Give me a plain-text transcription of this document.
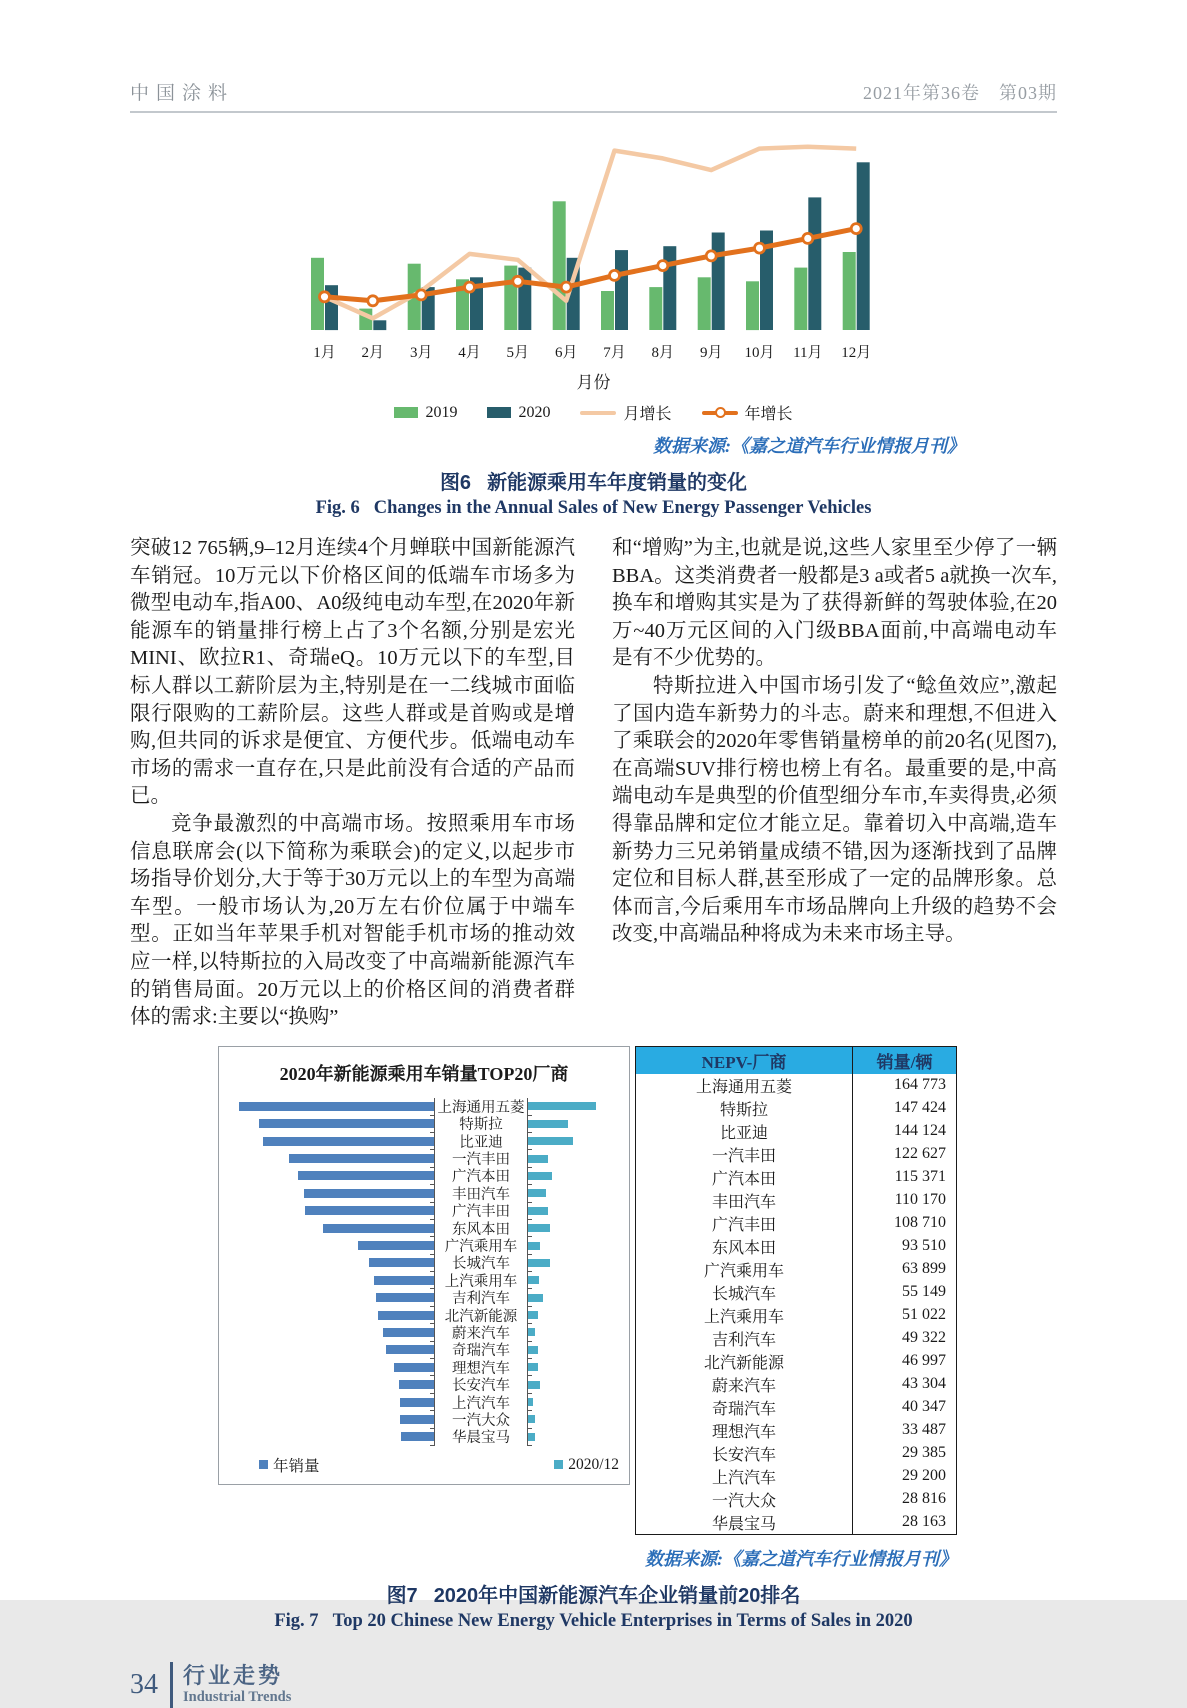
中国涂料	2021年第36卷　第03期
1月 2月 3月 4月 5月 6月 7月 8月 9月 10月 11月 12月
月份
2019	2020	月增长	年增长
数据来源:《嘉之道汽车行业情报月刊》
图6 新能源乘用车年度销量的变化
Fig. 6 Changes in the Annual Sales of New Energy Passenger Vehicles

突破12 765辆,9–12月连续4个月蝉联中国新能源汽车销冠。10万元以下价格区间的低端车市场多为微型电动车,指A00、A0级纯电动车型,在2020年新能源车的销量排行榜上占了3个名额,分别是宏光MINI、欧拉R1、奇瑞eQ。10万元以下的车型,目标人群以工薪阶层为主,特别是在一二线城市面临限行限购的工薪阶层。这些人群或是首购或是增购,但共同的诉求是便宜、方便代步。低端电动车市场的需求一直存在,只是此前没有合适的产品而已。

竞争最激烈的中高端市场。按照乘用车市场信息联席会(以下简称为乘联会)的定义,以起步市场指导价划分,大于等于30万元以上的车型为高端车型。一般市场认为,20万左右价位属于中端车型。正如当年苹果手机对智能手机市场的推动效应一样,以特斯拉的入局改变了中高端新能源汽车的销售局面。20万元以上的价格区间的消费者群体的需求:主要以“换购”

和“增购”为主,也就是说,这些人家里至少停了一辆BBA。这类消费者一般都是3 a或者5 a就换一次车,换车和增购其实是为了获得新鲜的驾驶体验,在20万~40万元区间的入门级BBA面前,中高端电动车是有不少优势的。

特斯拉进入中国市场引发了“鲶鱼效应”,激起了国内造车新势力的斗志。蔚来和理想,不但进入了乘联会的2020年零售销量榜单的前20名(见图7),在高端SUV排行榜也榜上有名。最重要的是,中高端电动车是典型的价值型细分车市,车卖得贵,必须得靠品牌和定位才能立足。靠着切入中高端,造车新势力三兄弟销量成绩不错,因为逐渐找到了品牌定位和目标人群,甚至形成了一定的品牌形象。总体而言,今后乘用车市场品牌向上升级的趋势不会改变,中高端品种将成为未来市场主导。

2020年新能源乘用车销量TOP20厂商
上海通用五菱
特斯拉
比亚迪
一汽丰田
广汽本田
丰田汽车
广汽丰田
东风本田
广汽乘用车
长城汽车
上汽乘用车
吉利汽车
北汽新能源
蔚来汽车
奇瑞汽车
理想汽车
长安汽车
上汽汽车
一汽大众
华晨宝马
年销量	2020/12
NEPV-厂商	销量/辆
上海通用五菱	164 773
特斯拉	147 424
比亚迪	144 124
一汽丰田	122 627
广汽本田	115 371
丰田汽车	110 170
广汽丰田	108 710
东风本田	93 510
广汽乘用车	63 899
长城汽车	55 149
上汽乘用车	51 022
吉利汽车	49 322
北汽新能源	46 997
蔚来汽车	43 304
奇瑞汽车	40 347
理想汽车	33 487
长安汽车	29 385
上汽汽车	29 200
一汽大众	28 816
华晨宝马	28 163
数据来源:《嘉之道汽车行业情报月刊》
图7 2020年中国新能源汽车企业销量前20排名
Fig. 7 Top 20 Chinese New Energy Vehicle Enterprises in Terms of Sales in 2020
34 行业走势
Industrial Trends
